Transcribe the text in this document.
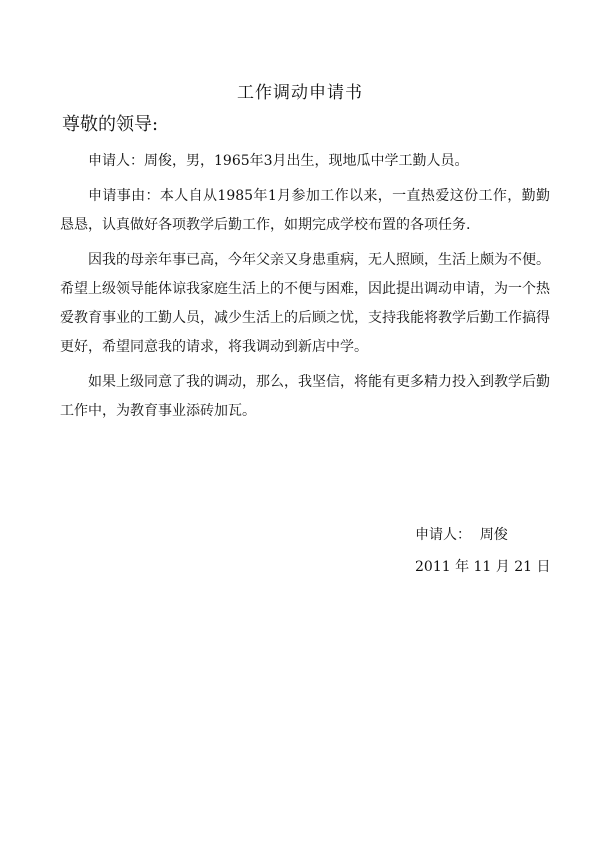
工作调动申请书
尊敬的领导:

申请人：周俊，男，1965年3月出生，现地瓜中学工勤人员。

申请事由：本人自从1985年1月参加工作以来，一直热爱这份工作，勤勤恳恳，认真做好各项教学后勤工作，如期完成学校布置的各项任务.

因我的母亲年事已高，今年父亲又身患重病，无人照顾，生活上颇为不便。希望上级领导能体谅我家庭生活上的不便与困难，因此提出调动申请，为一个热爱教育事业的工勤人员，减少生活上的后顾之忧，支持我能将教学后勤工作搞得更好，希望同意我的请求，将我调动到新店中学。

如果上级同意了我的调动，那么，我坚信，将能有更多精力投入到教学后勤工作中，为教育事业添砖加瓦。

申请人：  周俊
2011 年 11 月 21 日
